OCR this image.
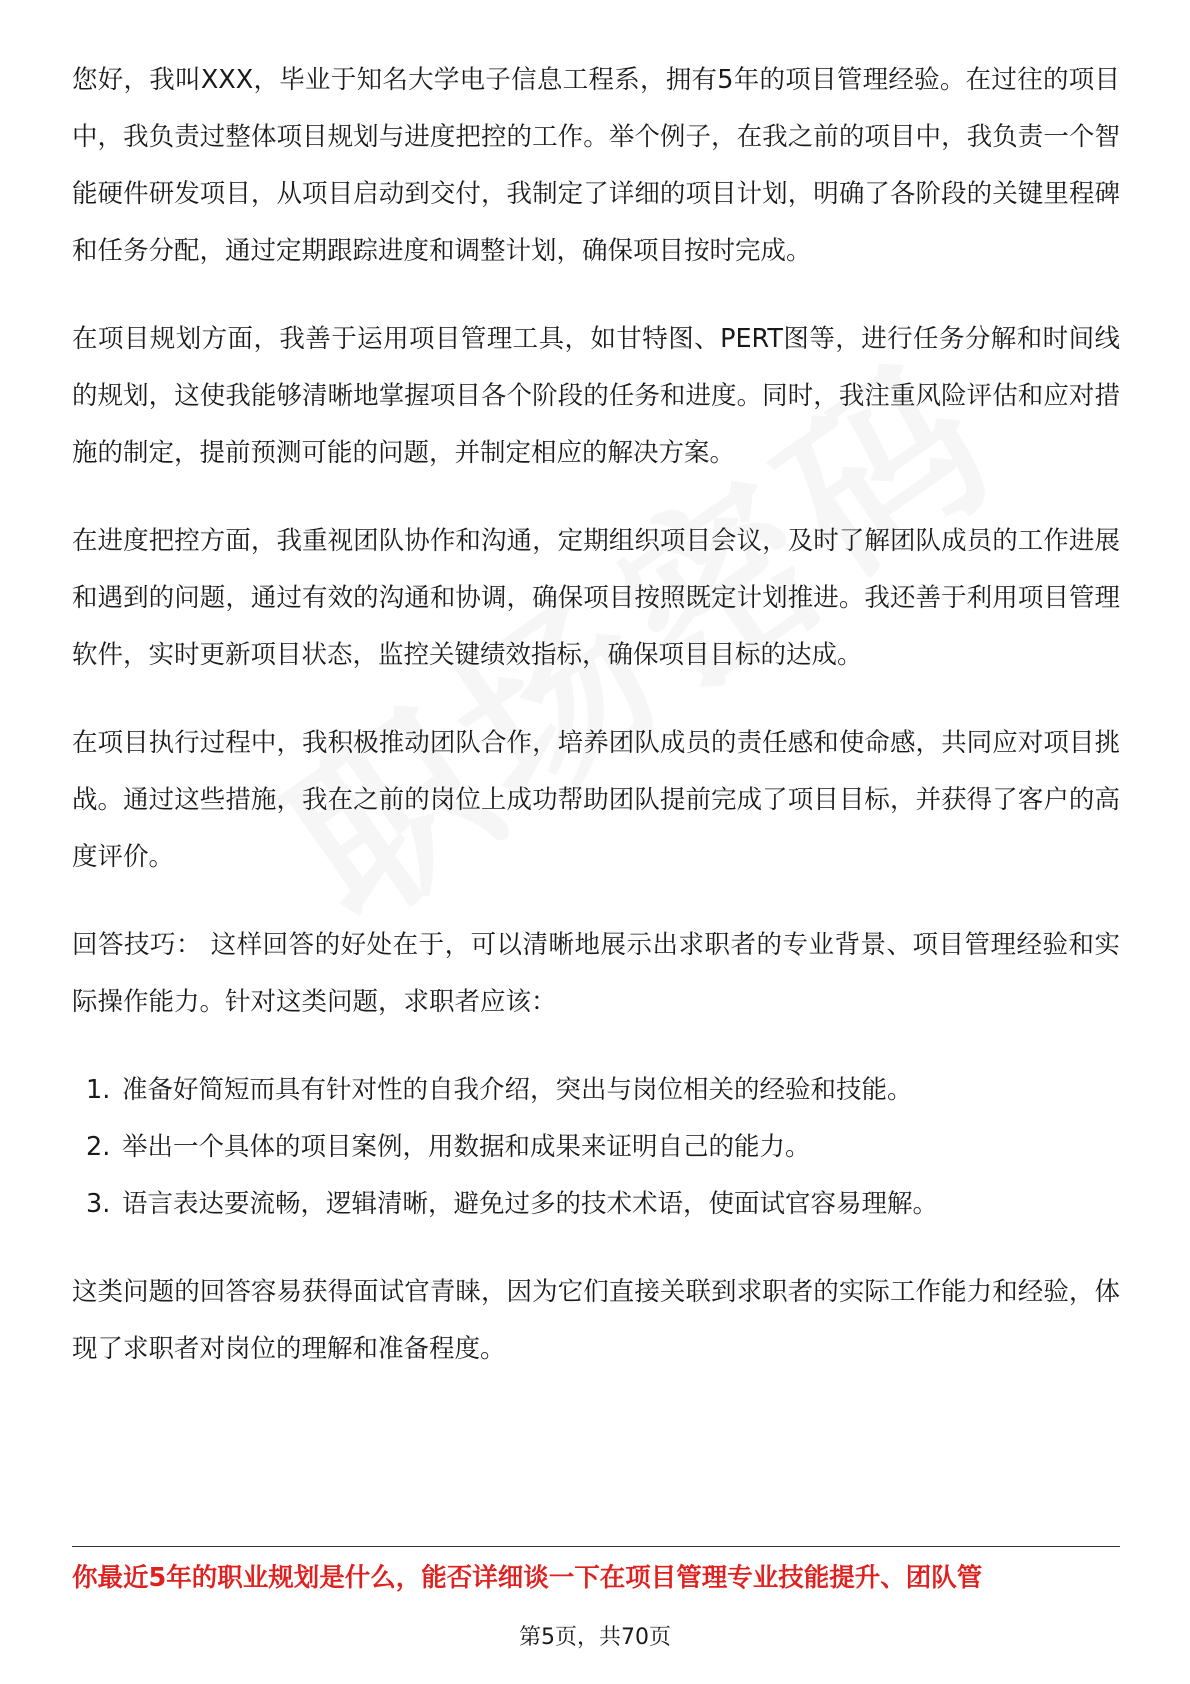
您好，我叫XXX，毕业于知名大学电子信息工程系，拥有5年的项目管理经验。在过往的项目中，我负责过整体项目规划与进度把控的工作。举个例子，在我之前的项目中，我负责一个智能硬件研发项目，从项目启动到交付，我制定了详细的项目计划，明确了各阶段的关键里程碑和任务分配，通过定期跟踪进度和调整计划，确保项目按时完成。

在项目规划方面，我善于运用项目管理工具，如甘特图、PERT图等，进行任务分解和时间线的规划，这使我能够清晰地掌握项目各个阶段的任务和进度。同时，我注重风险评估和应对措施的制定，提前预测可能的问题，并制定相应的解决方案。

在进度把控方面，我重视团队协作和沟通，定期组织项目会议，及时了解团队成员的工作进展和遇到的问题，通过有效的沟通和协调，确保项目按照既定计划推进。我还善于利用项目管理软件，实时更新项目状态，监控关键绩效指标，确保项目目标的达成。

在项目执行过程中，我积极推动团队合作，培养团队成员的责任感和使命感，共同应对项目挑战。通过这些措施，我在之前的岗位上成功帮助团队提前完成了项目目标，并获得了客户的高度评价。

回答技巧： 这样回答的好处在于，可以清晰地展示出求职者的专业背景、项目管理经验和实际操作能力。针对这类问题，求职者应该：

1. 准备好简短而具有针对性的自我介绍，突出与岗位相关的经验和技能。
2. 举出一个具体的项目案例，用数据和成果来证明自己的能力。
3. 语言表达要流畅，逻辑清晰，避免过多的技术术语，使面试官容易理解。

这类问题的回答容易获得面试官青睐，因为它们直接关联到求职者的实际工作能力和经验，体现了求职者对岗位的理解和准备程度。

你最近5年的职业规划是什么，能否详细谈一下在项目管理专业技能提升、团队管
第5页，共70页
